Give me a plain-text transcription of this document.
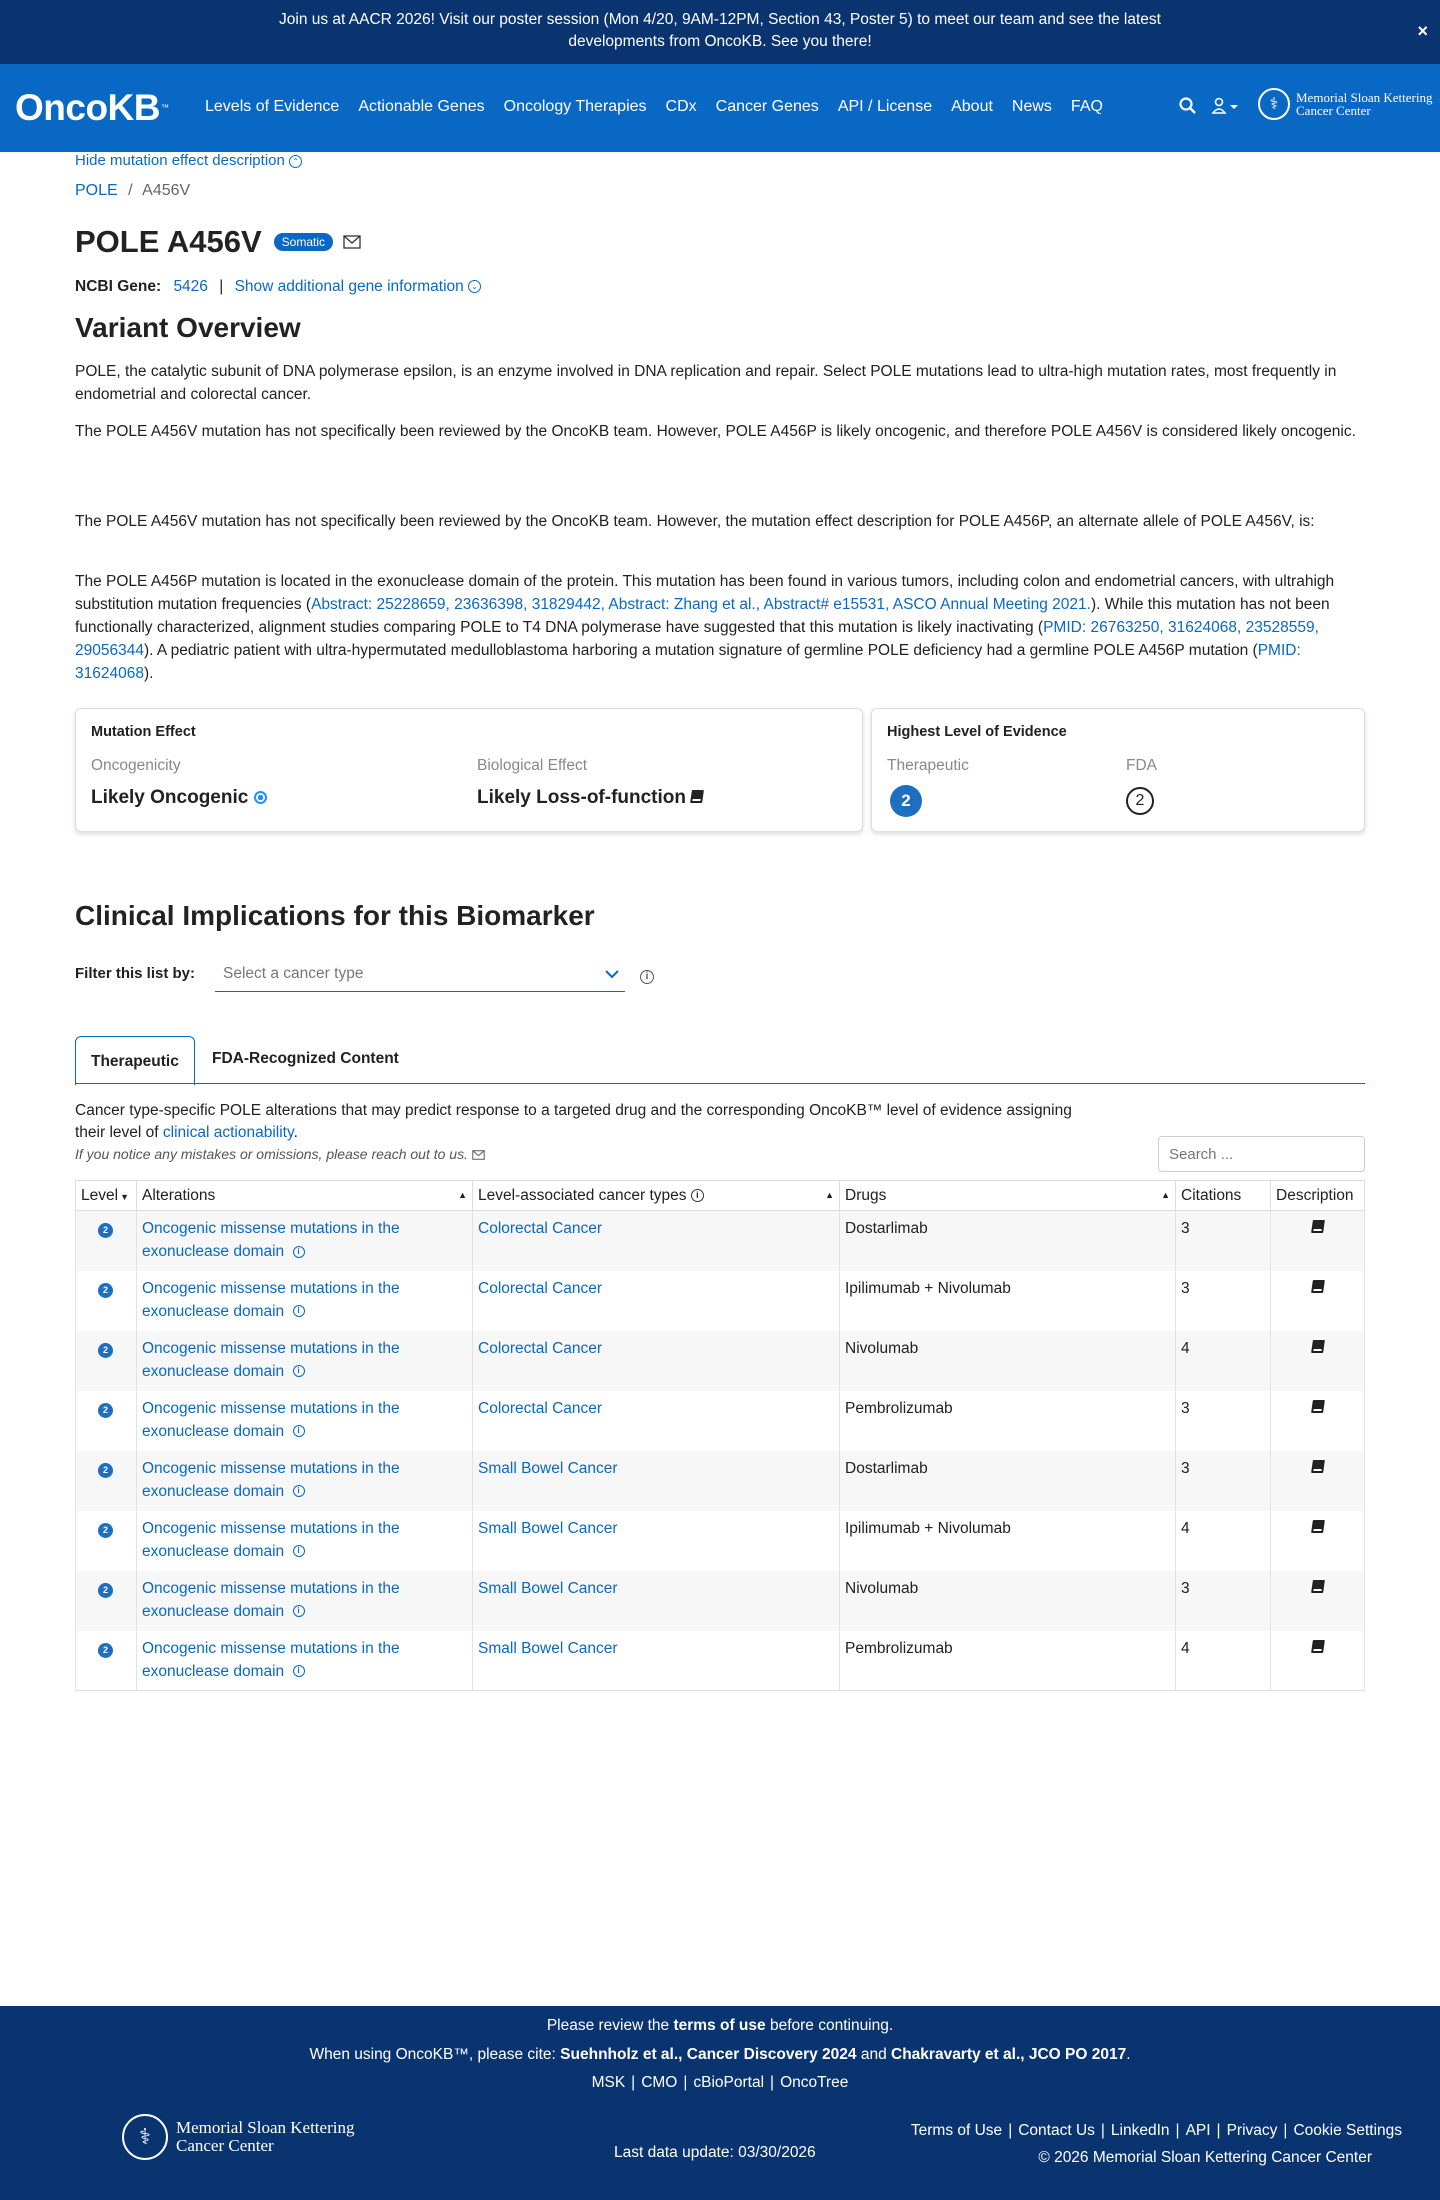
Join us at AACR 2026! Visit our poster session (Mon 4/20, 9AM-12PM, Section 43, Poster 5) to meet our team and see the latest developments from OncoKB. See you there!
×
OncoKB™ Levels of Evidence Actionable Genes Oncology Therapies CDx Cancer Genes API / License About News FAQ	⚕	Memorial Sloan Kettering
Cancer Center
POLE / A456V
POLE A456V	Somatic
NCBI Gene: 5426 | Show additional gene information ⌄
Variant Overview

POLE, the catalytic subunit of DNA polymerase epsilon, is an enzyme involved in DNA replication and repair. Select POLE mutations lead to ultra-high mutation rates, most frequently in endometrial and colorectal cancer.

The POLE A456V mutation has not specifically been reviewed by the OncoKB team. However, POLE A456P is likely oncogenic, and therefore POLE A456V is considered likely oncogenic.

Hide mutation effect description ⌃

The POLE A456V mutation has not specifically been reviewed by the OncoKB team. However, the mutation effect description for POLE A456P, an alternate allele of POLE A456V, is:

The POLE A456P mutation is located in the exonuclease domain of the protein. This mutation has been found in various tumors, including colon and endometrial cancers, with ultrahigh substitution mutation frequencies (Abstract: 25228659, 23636398, 31829442, Abstract: Zhang et al., Abstract# e15531, ASCO Annual Meeting 2021.). While this mutation has not been functionally characterized, alignment studies comparing POLE to T4 DNA polymerase have suggested that this mutation is likely inactivating (PMID: 26763250, 31624068, 23528559, 29056344). A pediatric patient with ultra-hypermutated medulloblastoma harboring a mutation signature of germline POLE deficiency had a germline POLE A456P mutation (PMID: 31624068).

Mutation Effect
Oncogenicity
Likely Oncogenic
Biological Effect
Likely Loss-of-function
Highest Level of Evidence
Therapeutic
2
FDA
2
Clinical Implications for this Biomarker
Filter this list by:	Select a cancer type	i
Therapeutic	FDA-Recognized Content
Cancer type-specific POLE alterations that may predict response to a targeted drug and the corresponding OncoKB™ level of evidence assigning their level of clinical actionability.
If you notice any mistakes or omissions, please reach out to us.
Search ...
Level ▼	Alterations ▲	Level-associated cancer types i ▲	Drugs ▲	Citations	Description
2	Oncogenic missense mutations in the exonuclease domain i	Colorectal Cancer	Dostarlimab	3	
2	Oncogenic missense mutations in the exonuclease domain i	Colorectal Cancer	Ipilimumab + Nivolumab	3	
2	Oncogenic missense mutations in the exonuclease domain i	Colorectal Cancer	Nivolumab	4	
2	Oncogenic missense mutations in the exonuclease domain i	Colorectal Cancer	Pembrolizumab	3	
2	Oncogenic missense mutations in the exonuclease domain i	Small Bowel Cancer	Dostarlimab	3	
2	Oncogenic missense mutations in the exonuclease domain i	Small Bowel Cancer	Ipilimumab + Nivolumab	4	
2	Oncogenic missense mutations in the exonuclease domain i	Small Bowel Cancer	Nivolumab	3	
2	Oncogenic missense mutations in the exonuclease domain i	Small Bowel Cancer	Pembrolizumab	4	
Please review the terms of use before continuing.
When using OncoKB™, please cite: Suehnholz et al., Cancer Discovery 2024 and Chakravarty et al., JCO PO 2017.
MSK | CMO | cBioPortal | OncoTree
⚕	Memorial Sloan Kettering
Cancer Center	Last data update: 03/30/2026
Terms of Use | Contact Us | LinkedIn | API | Privacy | Cookie Settings
© 2026 Memorial Sloan Kettering Cancer Center
